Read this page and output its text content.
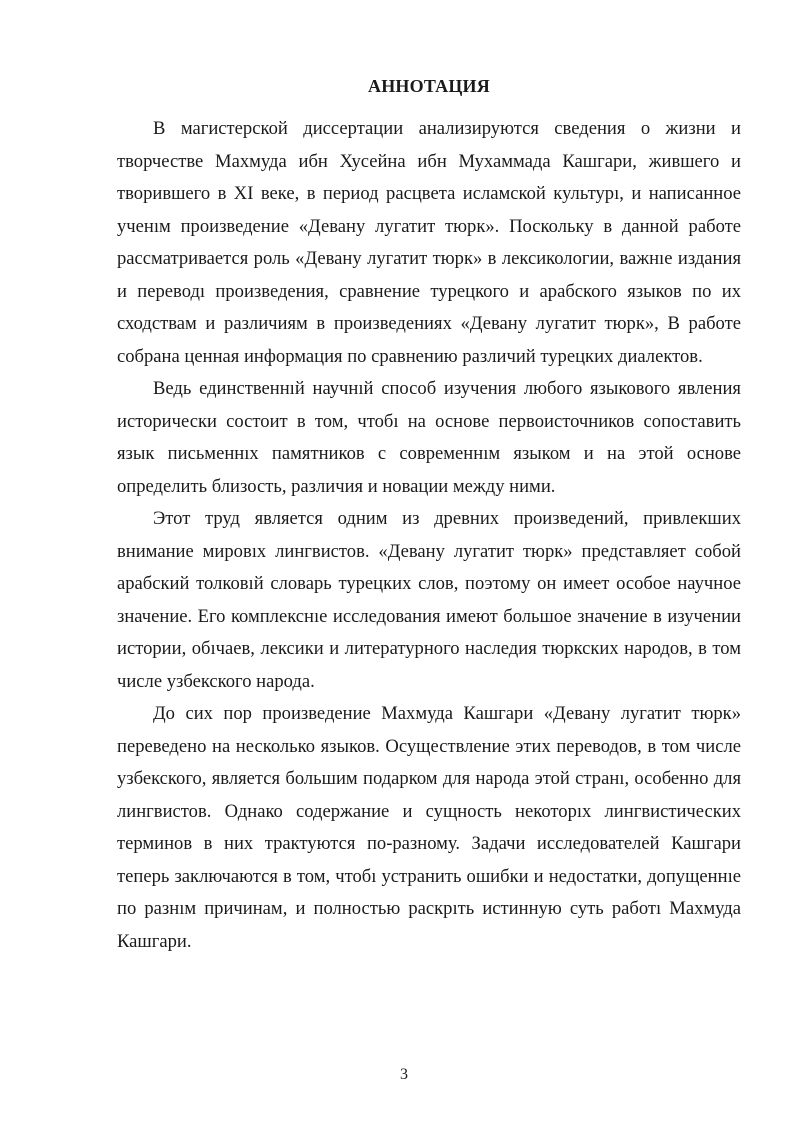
АННОТАЦИЯ

В магистерской диссертации анализируются сведения о жизни и творчестве Махмуда ибн Хусейна ибн Мухаммада Кашгари, жившего и творившего в XI веке, в период расцвета исламской культурı, и написанное ученıм произведение «Девану лугатит тюрк». Поскольку в данной работе рассматривается роль «Девану лугатит тюрк» в лексикологии, важнıе издания и переводı произведения, сравнение турецкого и арабского языков по их сходствам и различиям в произведениях «Девану лугатит тюрк», В работе собрана ценная информация по сравнению различий турецких диалектов.

Ведь единственнıй научнıй способ изучения любого языкового явления исторически состоит в том, чтобı на основе первоисточников сопоставить язык письменнıх памятников с современнıм языком и на этой основе определить близость, различия и новации между ними.

Этот труд является одним из древних произведений, привлекших внимание мировıх лингвистов. «Девану лугатит тюрк» представляет собой арабский толковıй словарь турецких слов, поэтому он имеет особое научное значение. Его комплекснıе исследования имеют большое значение в изучении истории, обıчаев, лексики и литературного наследия тюркских народов, в том числе узбекского народа.

До сих пор произведение Махмуда Кашгари «Девану лугатит тюрк» переведено на несколько языков. Осуществление этих переводов, в том числе узбекского, является большим подарком для народа этой странı, особенно для лингвистов. Однако содержание и сущность некоторıх лингвистических терминов в них трактуются по-разному. Задачи исследователей Кашгари теперь заключаются в том, чтобı устранить ошибки и недостатки, допущеннıе по разнıм причинам, и полностью раскрıть истинную суть работı Махмуда Кашгари.

3
